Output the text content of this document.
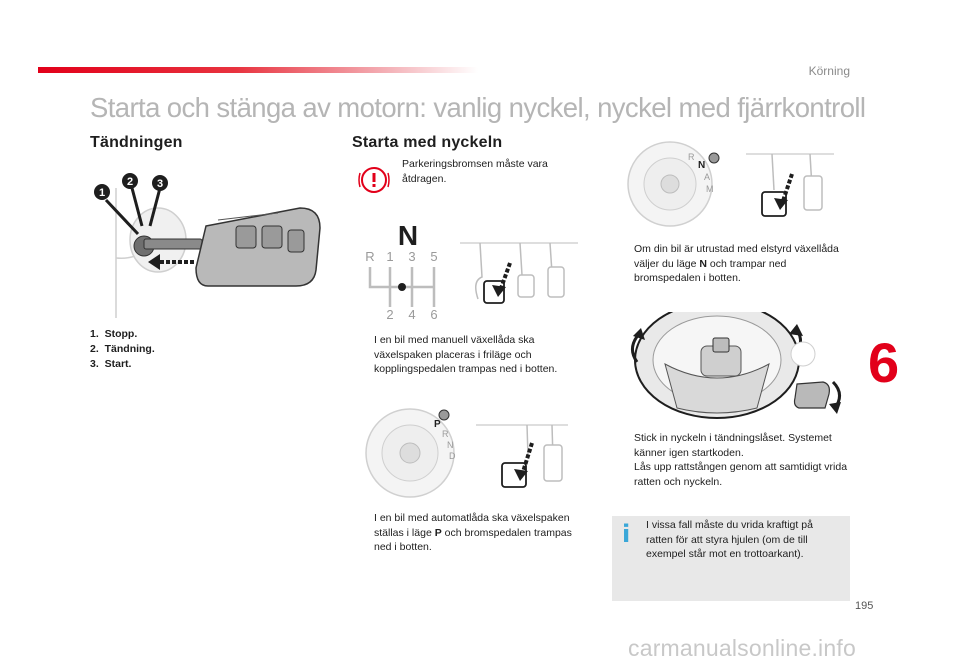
Körning
Starta och stänga av motorn: vanlig nyckel, nyckel med fjärrkontroll
Tändningen
1
2 3
1. Stopp.
2. Tändning.
3. Start.
Starta med nyckeln
Parkeringsbromsen måste vara åtdragen.
N
R 1 3 5
2 4 6
I en bil med manuell växellåda ska växelspaken placeras i friläge och kopplingspedalen trampas ned i botten.
P
R
N
D
I en bil med automatlåda ska växelspaken ställas i läge P och bromspedalen trampas ned i botten.
R
N
A
M
Om din bil är utrustad med elstyrd växellåda väljer du läge N och trampar ned bromspedalen i botten.
Stick in nyckeln i tändningslåset. Systemet känner igen startkoden.
Lås upp rattstången genom att samtidigt vrida ratten och nyckeln.
i I vissa fall måste du vrida kraftigt på ratten för att styra hjulen (om de till exempel står mot en trottoarkant).
6
195
carmanualsonline.info
